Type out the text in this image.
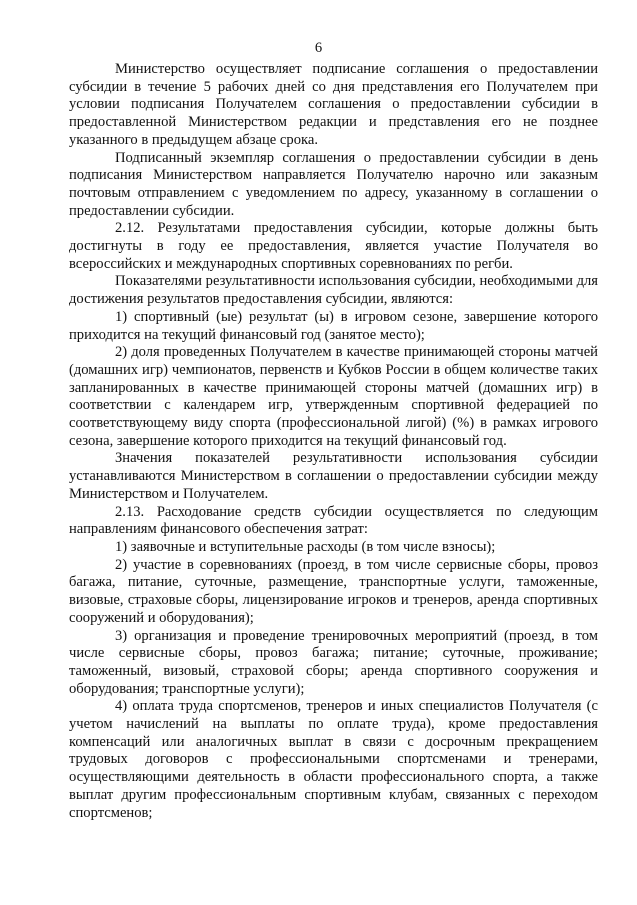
6

Министерство осуществляет подписание соглашения о предоставлении субсидии в течение 5 рабочих дней со дня представления его Получателем при условии подписания Получателем соглашения о предоставлении субсидии в предоставленной Министерством редакции и представления его не позднее указанного в предыдущем абзаце срока.

Подписанный экземпляр соглашения о предоставлении субсидии в день подписания Министерством направляется Получателю нарочно или заказным почтовым отправлением с уведомлением по адресу, указанному в соглашении о предоставлении субсидии.

2.12. Результатами предоставления субсидии, которые должны быть достигнуты в году ее предоставления, является участие Получателя во всероссийских и международных спортивных соревнованиях по регби.

Показателями результативности использования субсидии, необходимыми для достижения результатов предоставления субсидии, являются:

1) спортивный (ые) результат (ы) в игровом сезоне, завершение которого приходится на текущий финансовый год (занятое место);

2) доля проведенных Получателем в качестве принимающей стороны матчей (домашних игр) чемпионатов, первенств и Кубков России в общем количестве таких запланированных в качестве принимающей стороны матчей (домашних игр) в соответствии с календарем игр, утвержденным спортивной федерацией по соответствующему виду спорта (профессиональной лигой) (%) в рамках игрового сезона, завершение которого приходится на текущий финансовый год.

Значения показателей результативности использования субсидии устанавливаются Министерством в соглашении о предоставлении субсидии между Министерством и Получателем.

2.13. Расходование средств субсидии осуществляется по следующим направлениям финансового обеспечения затрат:

1) заявочные и вступительные расходы (в том числе взносы);

2) участие в соревнованиях (проезд, в том числе сервисные сборы, провоз багажа, питание, суточные, размещение, транспортные услуги, таможенные, визовые, страховые сборы, лицензирование игроков и тренеров, аренда спортивных сооружений и оборудования);

3) организация и проведение тренировочных мероприятий (проезд, в том числе сервисные сборы, провоз багажа; питание; суточные, проживание; таможенный, визовый, страховой сборы; аренда спортивного сооружения и оборудования; транспортные услуги);

4) оплата труда спортсменов, тренеров и иных специалистов Получателя (с учетом начислений на выплаты по оплате труда), кроме предоставления компенсаций или аналогичных выплат в связи с досрочным прекращением трудовых договоров с профессиональными спортсменами и тренерами, осуществляющими деятельность в области профессионального спорта, а также выплат другим профессиональным спортивным клубам, связанных с переходом спортсменов;
